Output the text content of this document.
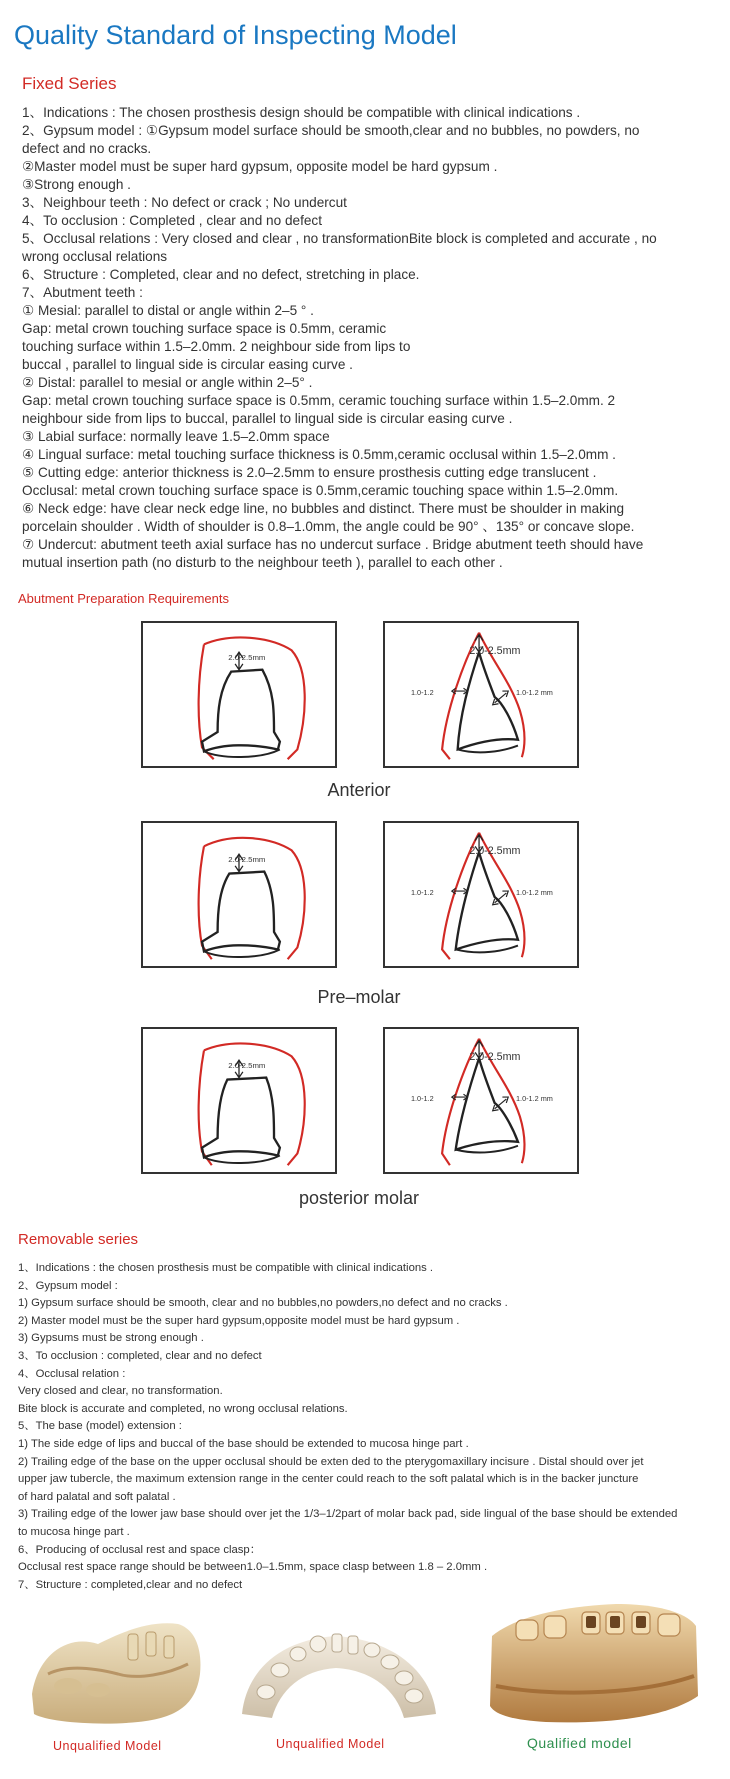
Quality Standard of Inspecting Model
Fixed Series
1、Indications : The chosen prosthesis design should be compatible with clinical indications .
2、Gypsum model : ①Gypsum model surface should be smooth,clear and no bubbles, no powders, no
defect and no cracks.
②Master model must be super hard gypsum, opposite model be hard gypsum .
③Strong enough .
3、Neighbour teeth : No defect or crack ; No undercut
4、To occlusion : Completed , clear and no defect
5、Occlusal relations : Very closed and clear , no transformationBite block is completed and accurate , no
wrong occlusal relations
6、Structure : Completed, clear and no defect, stretching in place.
7、Abutment teeth :
① Mesial: parallel to distal or angle within 2–5 ° .
Gap: metal crown touching surface space is 0.5mm, ceramic
touching surface within 1.5–2.0mm. 2 neighbour side from lips to
buccal , parallel to lingual side is circular easing curve .
② Distal: parallel to mesial or angle within 2–5° .
Gap: metal crown touching surface space is 0.5mm, ceramic touching surface within 1.5–2.0mm. 2
neighbour side from lips to buccal, parallel to lingual side is circular easing curve .
③ Labial surface: normally leave 1.5–2.0mm space
④ Lingual surface: metal touching surface thickness is 0.5mm,ceramic occlusal within 1.5–2.0mm .
⑤ Cutting edge: anterior thickness is 2.0–2.5mm to ensure prosthesis cutting edge translucent .
Occlusal: metal crown touching surface space is 0.5mm,ceramic touching space within 1.5–2.0mm.
⑥ Neck edge: have clear neck edge line, no bubbles and distinct. There must be shoulder in making
porcelain shoulder . Width of shoulder is 0.8–1.0mm, the angle could be 90° 、135° or concave slope.
⑦ Undercut: abutment teeth axial surface has no undercut surface . Bridge abutment teeth should have
mutual insertion path (no disturb to the neighbour teeth ), parallel to each other .
Abutment Preparation Requirements
2.0-2.5mm
2.0-2.5mm
1.0-1.2	1.0-1.2 mm
Anterior
2.0-2.5mm
2.0-2.5mm
1.0-1.2	1.0-1.2 mm
Pre–molar
2.0-2.5mm
2.0-2.5mm
1.0-1.2	1.0-1.2 mm
posterior molar
Removable series
1、Indications : the chosen prosthesis must be compatible with clinical indications .
2、Gypsum model :
1) Gypsum surface should be smooth, clear and no bubbles,no powders,no defect and no cracks .
2) Master model must be the super hard gypsum,opposite model must be hard gypsum .
3) Gypsums must be strong enough .
3、To occlusion : completed, clear and no defect
4、Occlusal relation :
Very closed and clear, no transformation.
Bite block is accurate and completed, no wrong occlusal relations.
5、The base (model) extension :
1) The side edge of lips and buccal of the base should be extended to mucosa hinge part .
2) Trailing edge of the base on the upper occlusal should be exten ded to the pterygomaxillary incisure . Distal should over jet
upper jaw tubercle, the maximum extension range in the center could reach to the soft palatal which is in the backer juncture
of hard palatal and soft palatal .
3) Trailing edge of the lower jaw base should over jet the 1/3–1/2part of molar back pad, side lingual of the base should be extended
to mucosa hinge part .
6、Producing of occlusal rest and space clasp：
Occlusal rest space range should be between1.0–1.5mm, space clasp between 1.8 – 2.0mm .
7、Structure : completed,clear and no defect
Unqualified Model	Unqualified Model	Qualified model
